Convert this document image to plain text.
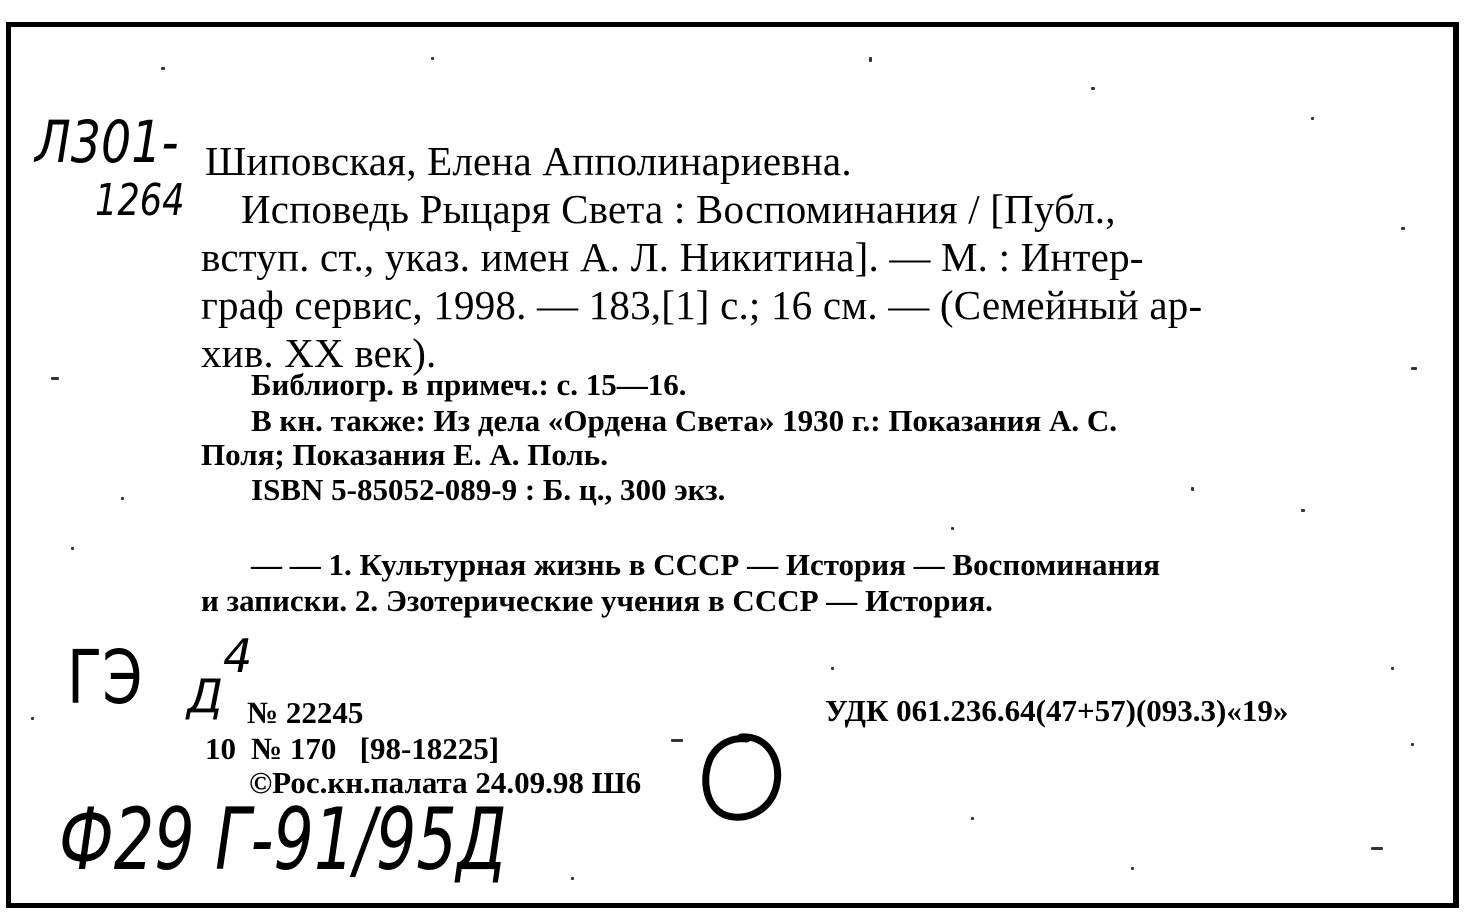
Л301-
1264
Шиповская, Елена Апполинариевна.
Исповедь Рыцаря Света : Воспоминания / [Публ.,
вступ. ст., указ. имен А. Л. Никитина]. — М. : Интер-
граф сервис, 1998. — 183,[1] с.; 16 см. — (Семейный ар-
хив. XX век).
Библиогр. в примеч.: с. 15—16.
В кн. также: Из дела «Ордена Света» 1930 г.: Показания А. С.
Поля; Показания Е. А. Поль.
ISBN 5-85052-089-9 : Б. ц., 300 экз.
— — 1. Культурная жизнь в СССР — История — Воспоминания
и записки. 2. Эзотерические учения в СССР — История.
ГЭ 4
Д № 22245	УДК 061.236.64(47+57)(093.3)«19»
10 № 170   [98-18225]
©Рос.кн.палата 24.09.98 Ш6
Ф29 Г-91/95Д
